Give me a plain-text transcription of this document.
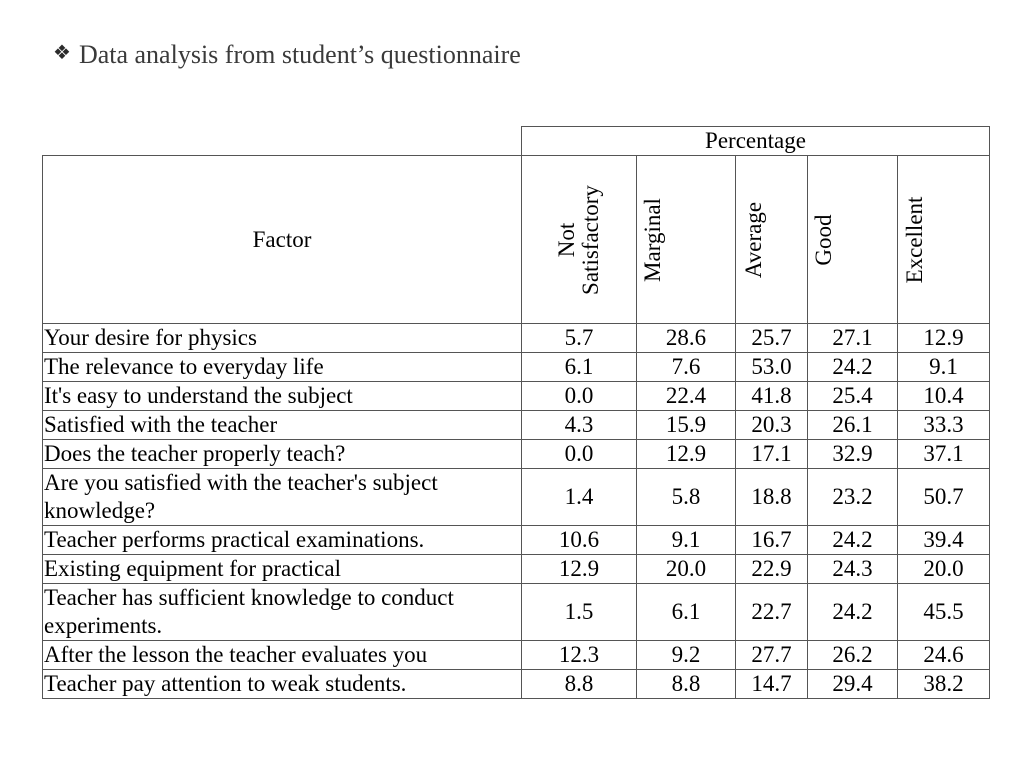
❖ Data analysis from student’s questionnaire
	Percentage				
Factor	Not Satisfactory	Marginal	Average	Good	Excellent

Your desire for physics	5.7	28.6	25.7	27.1	12.9
The relevance to everyday life	6.1	7.6	53.0	24.2	9.1
It's easy to understand the subject	0.0	22.4	41.8	25.4	10.4
Satisfied with the teacher	4.3	15.9	20.3	26.1	33.3
Does the teacher properly teach?	0.0	12.9	17.1	32.9	37.1
Are you satisfied with the teacher's subject knowledge?	1.4	5.8	18.8	23.2	50.7
Teacher performs practical examinations.	10.6	9.1	16.7	24.2	39.4
Existing equipment for practical	12.9	20.0	22.9	24.3	20.0
Teacher has sufficient knowledge to conduct experiments.	1.5	6.1	22.7	24.2	45.5
After the lesson the teacher evaluates you	12.3	9.2	27.7	26.2	24.6
Teacher pay attention to weak students.	8.8	8.8	14.7	29.4	38.2
